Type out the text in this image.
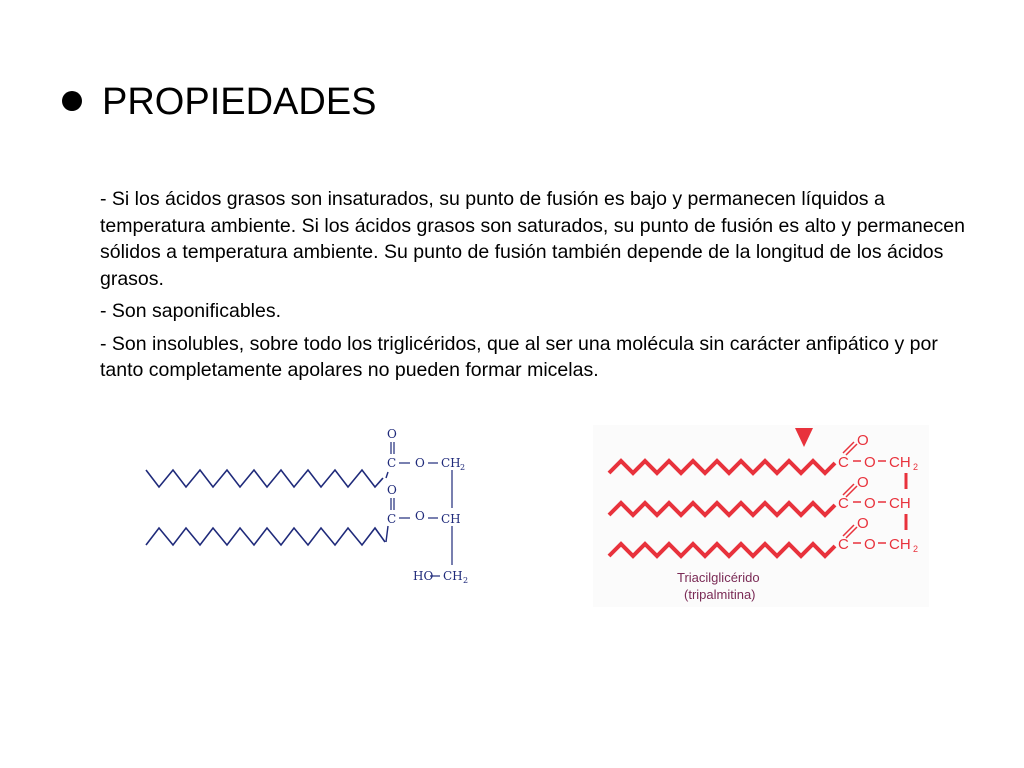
PROPIEDADES

- Si los ácidos grasos son insaturados, su punto de fusión es bajo y permanecen líquidos a temperatura ambiente. Si los ácidos grasos son saturados, su punto de fusión es alto y permanecen sólidos a temperatura ambiente. Su punto de fusión también depende de la longitud de los ácidos grasos.

- Son saponificables.

- Son insolubles, sobre todo los triglicéridos, que al ser una molécula sin carácter anfipático y por tanto completamente apolares no pueden formar micelas.

O
C O CH 2
O
C O CH
HO CH 2
O
C O CH 2
O
C O CH
O
C O CH 2
Triacilglicérido
(tripalmitina)
